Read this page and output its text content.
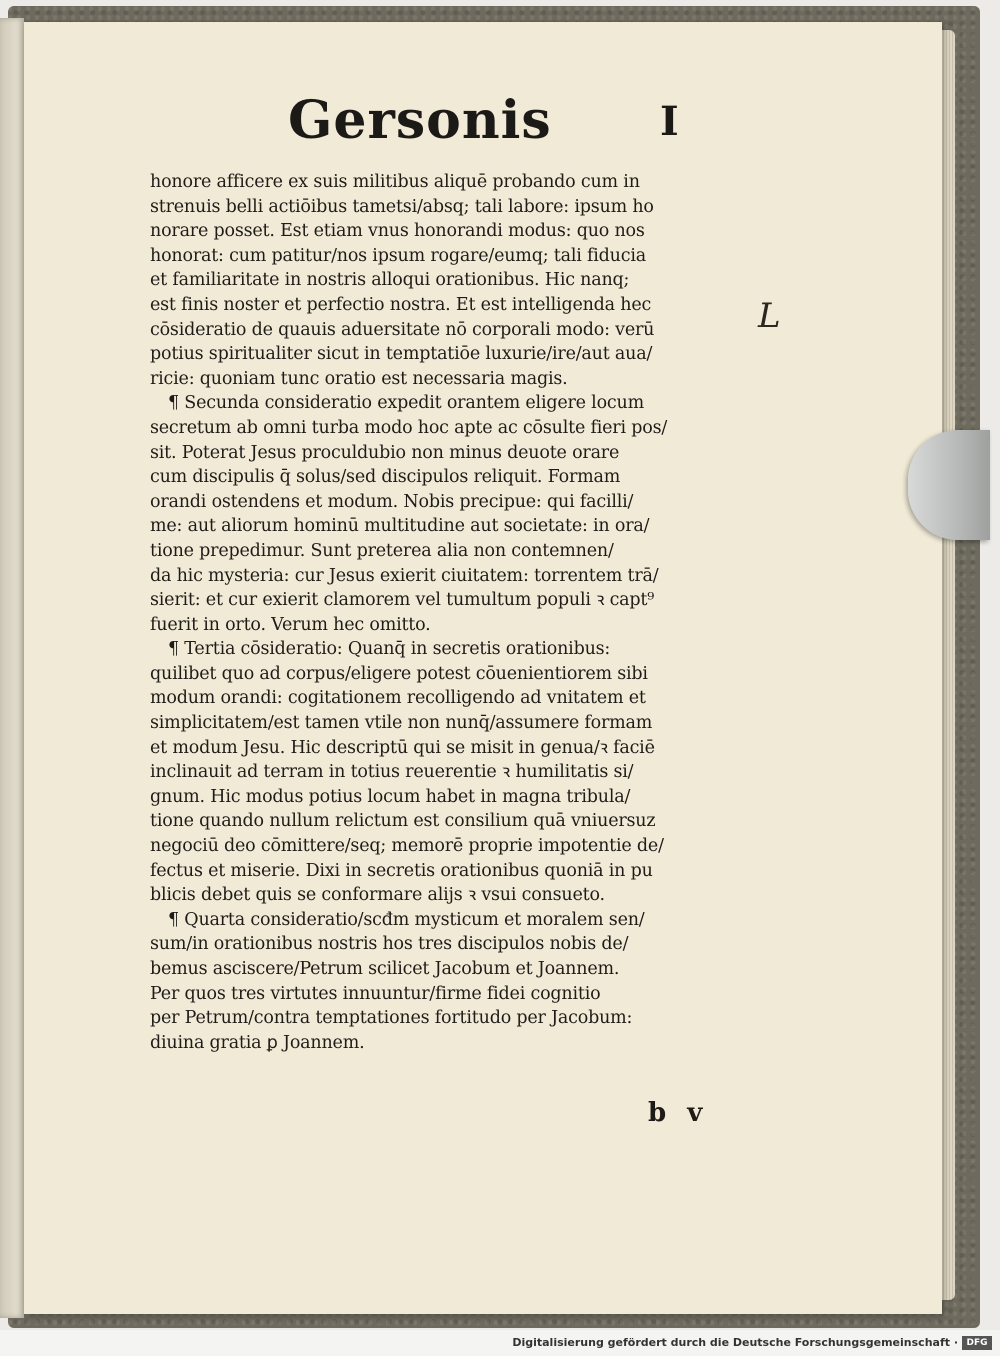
Gersonis	I
L
honore afficere ex suis militibus aliquē probando cum in
strenuis belli actiōibus tametsi/absq; tali labore: ipsum ho
norare posset. Est etiam vnus honorandi modus: quo nos
honorat: cum patitur/nos ipsum rogare/eumq; tali fiducia
et familiaritate in nostris alloqui orationibus. Hic nanq;
est finis noster et perfectio nostra. Et est intelligenda hec
cōsideratio de quauis aduersitate nō corporali modo: verū
potius spiritualiter sicut in temptatiōe luxurie/ire/aut aua/
ricie: quoniam tunc oratio est necessaria magis.
¶ Secunda consideratio expedit orantem eligere locum
secretum ab omni turba modo hoc apte ac cōsulte fieri pos/
sit. Poterat Jesus proculdubio non minus deuote orare
cum discipulis q̄ solus/sed discipulos reliquit. Formam
orandi ostendens et modum. Nobis precipue: qui facilli/
me: aut aliorum hominū multitudine aut societate: in ora/
tione prepedimur. Sunt preterea alia non contemnen/
da hic mysteria: cur Jesus exierit ciuitatem: torrentem trā/
sierit: et cur exierit clamorem vel tumultum populi ꝛ capt⁹
fuerit in orto. Verum hec omitto.
¶ Tertia cōsideratio: Quanq̄ in secretis orationibus:
quilibet quo ad corpus/eligere potest cōuenientiorem sibi
modum orandi: cogitationem recolligendo ad vnitatem et
simplicitatem/est tamen vtile non nunq̄/assumere formam
et modum Jesu. Hic descriptū qui se misit in genua/ꝛ faciē
inclinauit ad terram in totius reuerentie ꝛ humilitatis si/
gnum. Hic modus potius locum habet in magna tribula/
tione quando nullum relictum est consilium quā vniuersuz
negociū deo cōmittere/seq; memorē proprie impotentie de/
fectus et miserie. Dixi in secretis orationibus quoniā in pu
blicis debet quis se conformare alijs ꝛ vsui consueto.
¶ Quarta consideratio/scđm mysticum et moralem sen/
sum/in orationibus nostris hos tres discipulos nobis de/
bemus asciscere/Petrum scilicet Jacobum et Joannem.
Per quos tres virtutes innuuntur/firme fidei cognitio
per Petrum/contra temptationes fortitudo per Jacobum:
diuina gratia ꝑ Joannem.
b v
Digitalisierung gefördert durch die Deutsche Forschungsgemeinschaft · DFG
